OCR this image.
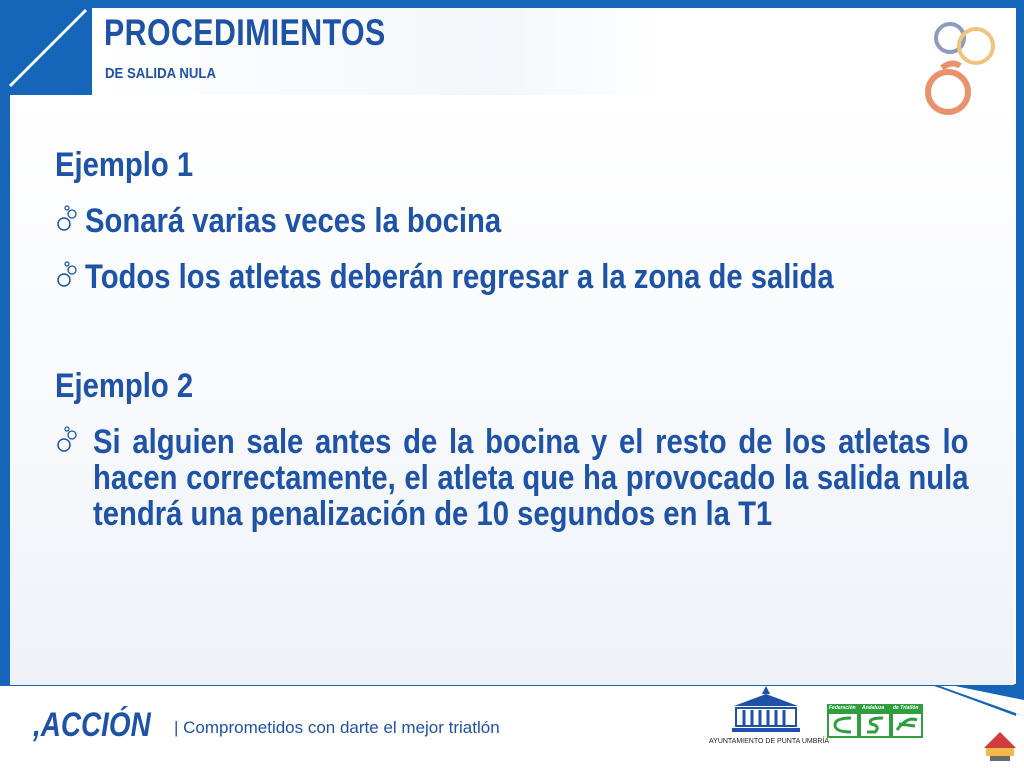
PROCEDIMIENTOS
DE SALIDA NULA
Ejemplo 1
Sonará varias veces la bocina
Todos los atletas deberán regresar a la zona de salida
Ejemplo 2
Si alguien sale antes de la bocina y el resto de los atletas lo hacen correctamente, el atleta que ha provocado la salida nula tendrá una penalización de 10 segundos en la T1
,ACCIÓN | Comprometidos con darte el mejor triatlón
AYUNTAMIENTO DE PUNTA UMBRÍA
Federación Andaluza de Triatlón
